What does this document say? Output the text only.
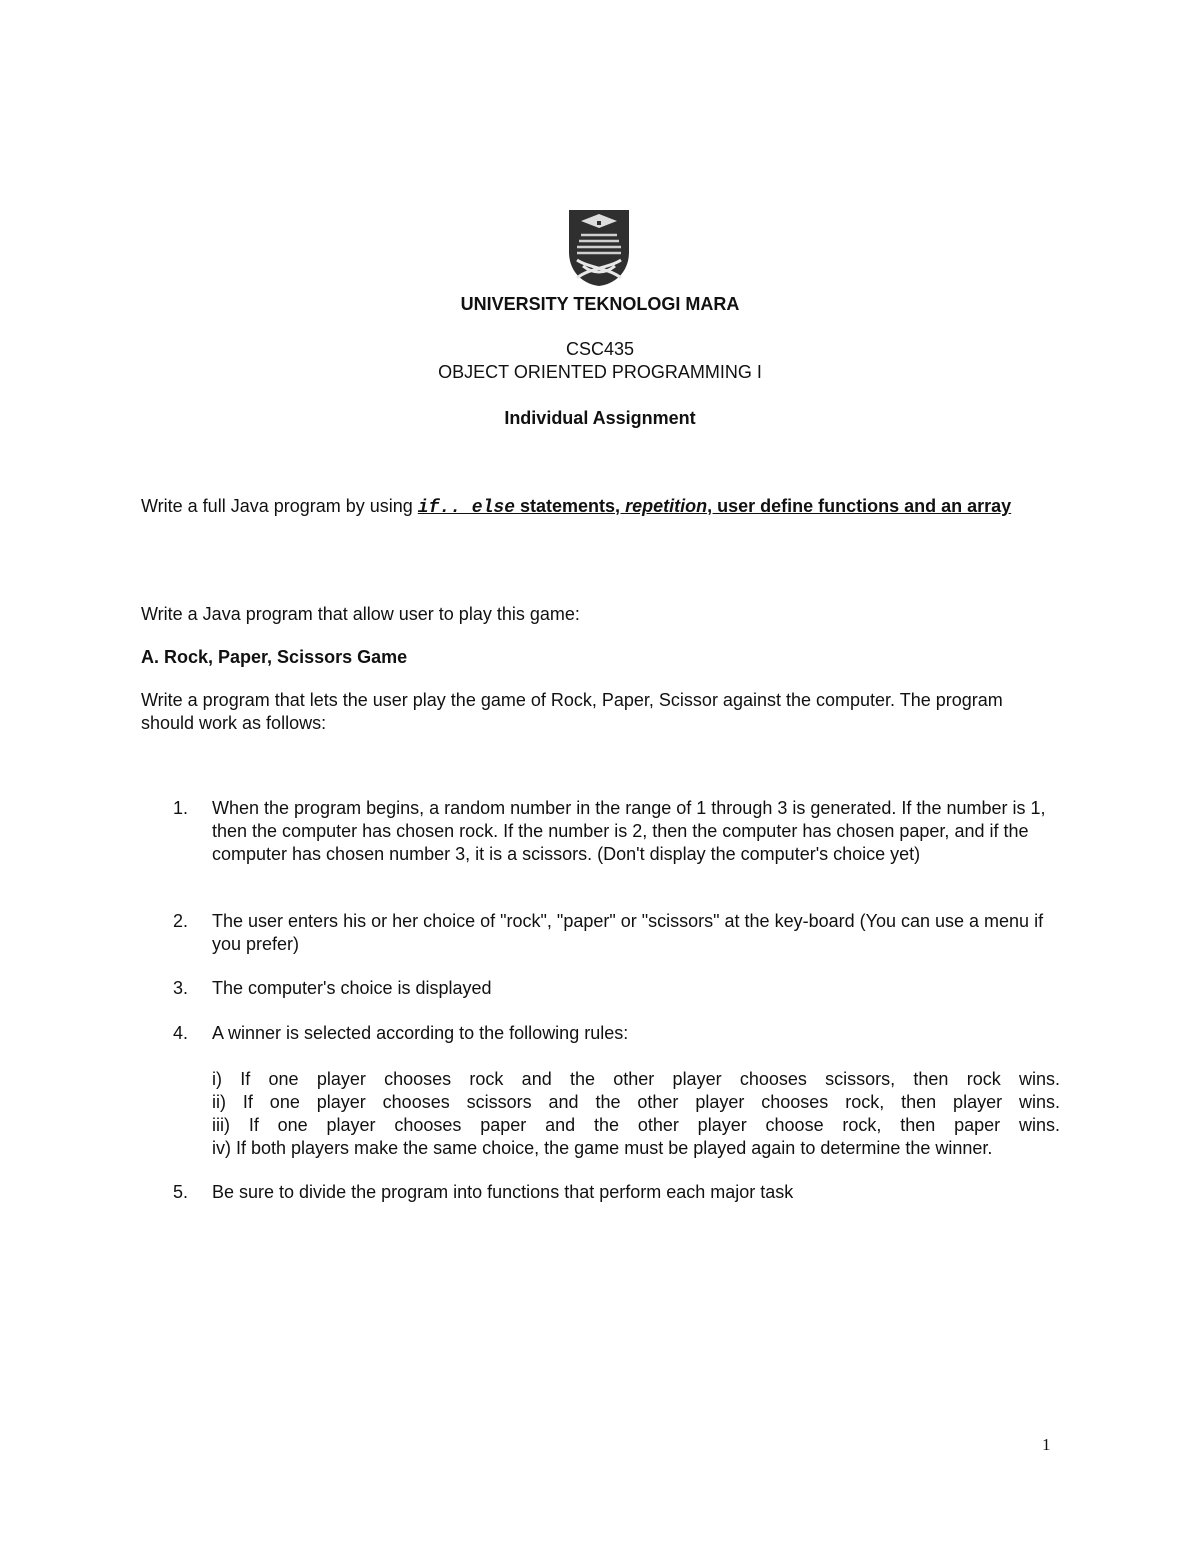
UNIVERSITY TEKNOLOGI MARA
CSC435
OBJECT ORIENTED PROGRAMMING I
Individual Assignment
Write a full Java program by using if.. else statements, repetition, user define functions and an array
Write a Java program that allow user to play this game:
A. Rock, Paper, Scissors Game
Write a program that lets the user play the game of Rock, Paper, Scissor against the computer. The program should work as follows:
1.	When the program begins, a random number in the range of 1 through 3 is generated. If the number is 1, then the computer has chosen rock. If the number is 2, then the computer has chosen paper, and if the computer has chosen number 3, it is a scissors. (Don't display the computer's choice yet)
2.	The user enters his or her choice of "rock", "paper" or "scissors" at the key-board (You can use a menu if you prefer)
3.	The computer's choice is displayed
4.	A winner is selected according to the following rules:
i) If one player chooses rock and the other player chooses scissors, then rock wins.
ii) If one player chooses scissors and the other player chooses rock, then player wins.
iii) If one player chooses paper and the other player choose rock, then paper wins.
iv) If both players make the same choice, the game must be played again to determine the winner.
5.	Be sure to divide the program into functions that perform each major task
1
